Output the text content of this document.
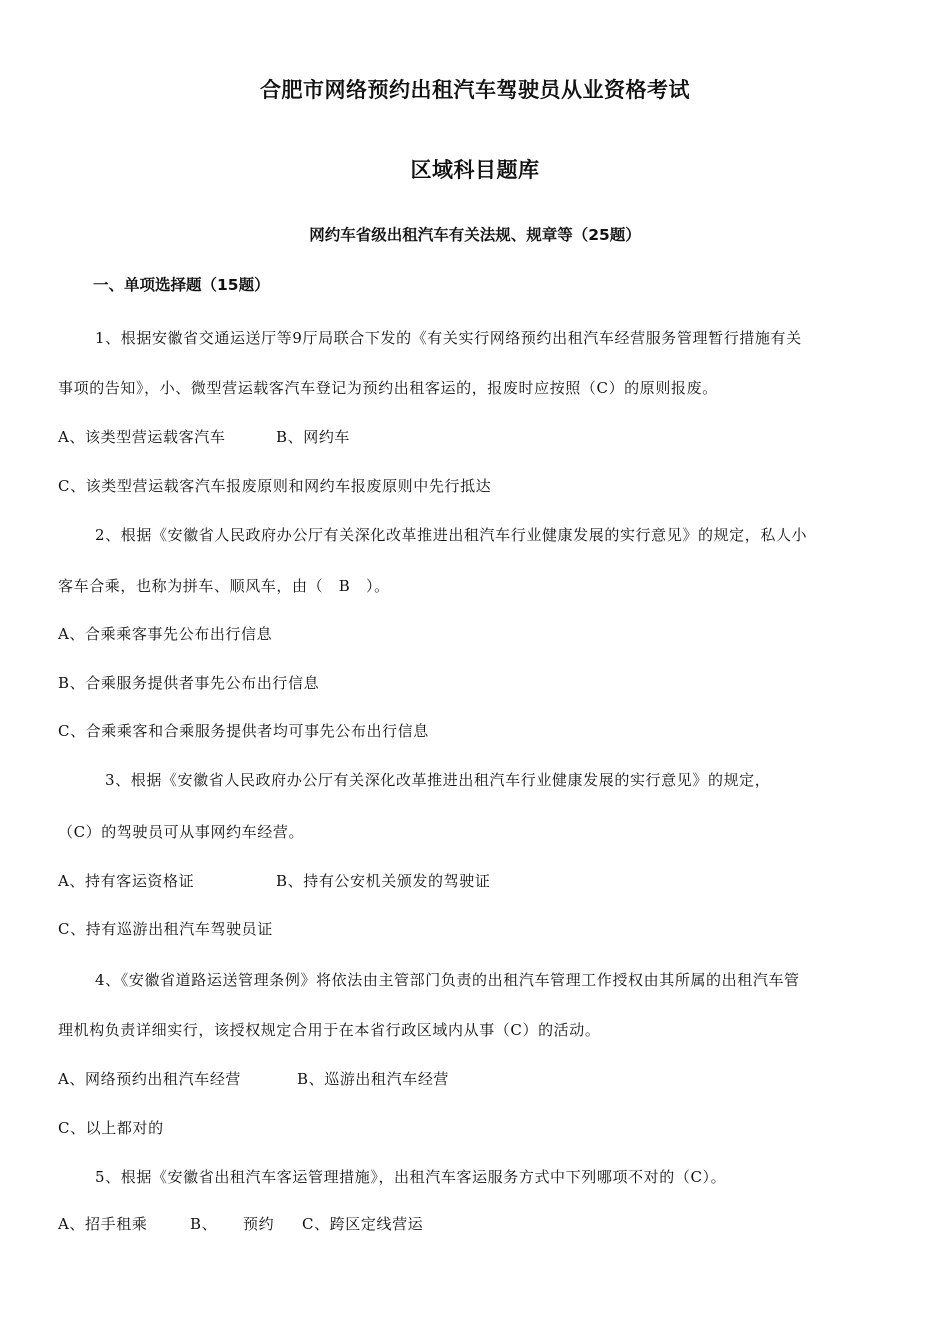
合肥市网络预约出租汽车驾驶员从业资格考试
区域科目题库
网约车省级出租汽车有关法规、规章等（25题）
一、单项选择题（15题）
1、根据安徽省交通运送厅等9厅局联合下发的《有关实行网络预约出租汽车经营服务管理暂行措施有关
事项的告知》，小、微型营运载客汽车登记为预约出租客运的，报废时应按照（C）的原则报废。
A、该类型营运载客汽车	B、网约车
C、该类型营运载客汽车报废原则和网约车报废原则中先行抵达
2、根据《安徽省人民政府办公厅有关深化改革推进出租汽车行业健康发展的实行意见》的规定，私人小
客车合乘，也称为拼车、顺风车，由（　B　）。
A、合乘乘客事先公布出行信息
B、合乘服务提供者事先公布出行信息
C、合乘乘客和合乘服务提供者均可事先公布出行信息
3、根据《安徽省人民政府办公厅有关深化改革推进出租汽车行业健康发展的实行意见》的规定，
（C）的驾驶员可从事网约车经营。
A、持有客运资格证	B、持有公安机关颁发的驾驶证
C、持有巡游出租汽车驾驶员证
4、《安徽省道路运送管理条例》将依法由主管部门负责的出租汽车管理工作授权由其所属的出租汽车管
理机构负责详细实行，该授权规定合用于在本省行政区域内从事（C）的活动。
A、网络预约出租汽车经营	B、巡游出租汽车经营
C、以上都对的
5、根据《安徽省出租汽车客运管理措施》，出租汽车客运服务方式中下列哪项不对的（C）。
A、招手租乘	B、 预约 C、跨区定线营运
